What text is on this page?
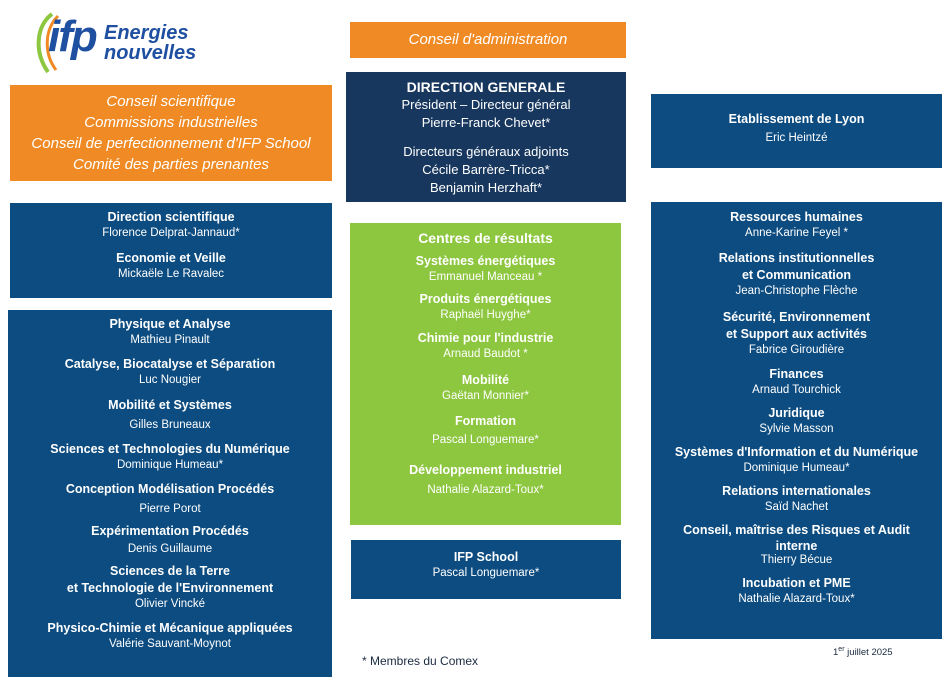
ifp Energies
nouvelles
Conseil d'administration
Conseil scientifique
Commissions industrielles
Conseil de perfectionnement d'IFP School
Comité des parties prenantes
DIRECTION GENERALE
Président – Directeur général
Pierre-Franck Chevet*
Directeurs généraux adjoints
Cécile Barrère-Tricca*
Benjamin Herzhaft*
Etablissement de Lyon
Eric Heintzé
Direction scientifique
Florence Delprat-Jannaud*
Economie et Veille
Mickaële Le Ravalec
Physique et Analyse
Mathieu Pinault
Catalyse, Biocatalyse et Séparation
Luc Nougier
Mobilité et Systèmes
Gilles Bruneaux
Sciences et Technologies du Numérique
Dominique Humeau*
Conception Modélisation Procédés
Pierre Porot
Expérimentation Procédés
Denis Guillaume
Sciences de la Terre
et Technologie de l'Environnement
Olivier Vincké
Physico-Chimie et Mécanique appliquées
Valérie Sauvant-Moynot
Centres de résultats
Systèmes énergétiques
Emmanuel Manceau *
Produits énergétiques
Raphaël Huyghe*
Chimie pour l'industrie
Arnaud Baudot *
Mobilité
Gaëtan Monnier*
Formation
Pascal Longuemare*
Développement industriel
Nathalie Alazard-Toux*
IFP School
Pascal Longuemare*
Ressources humaines
Anne-Karine Feyel *
Relations institutionnelles
et Communication
Jean-Christophe Flèche
Sécurité, Environnement
et Support aux activités
Fabrice Giroudière
Finances
Arnaud Tourchick
Juridique
Sylvie Masson
Systèmes d'Information et du Numérique
Dominique Humeau*
Relations internationales
Saïd Nachet
Conseil, maîtrise des Risques et Audit
interne
Thierry Bécue
Incubation et PME
Nathalie Alazard-Toux*
* Membres du Comex
1er juillet 2025
